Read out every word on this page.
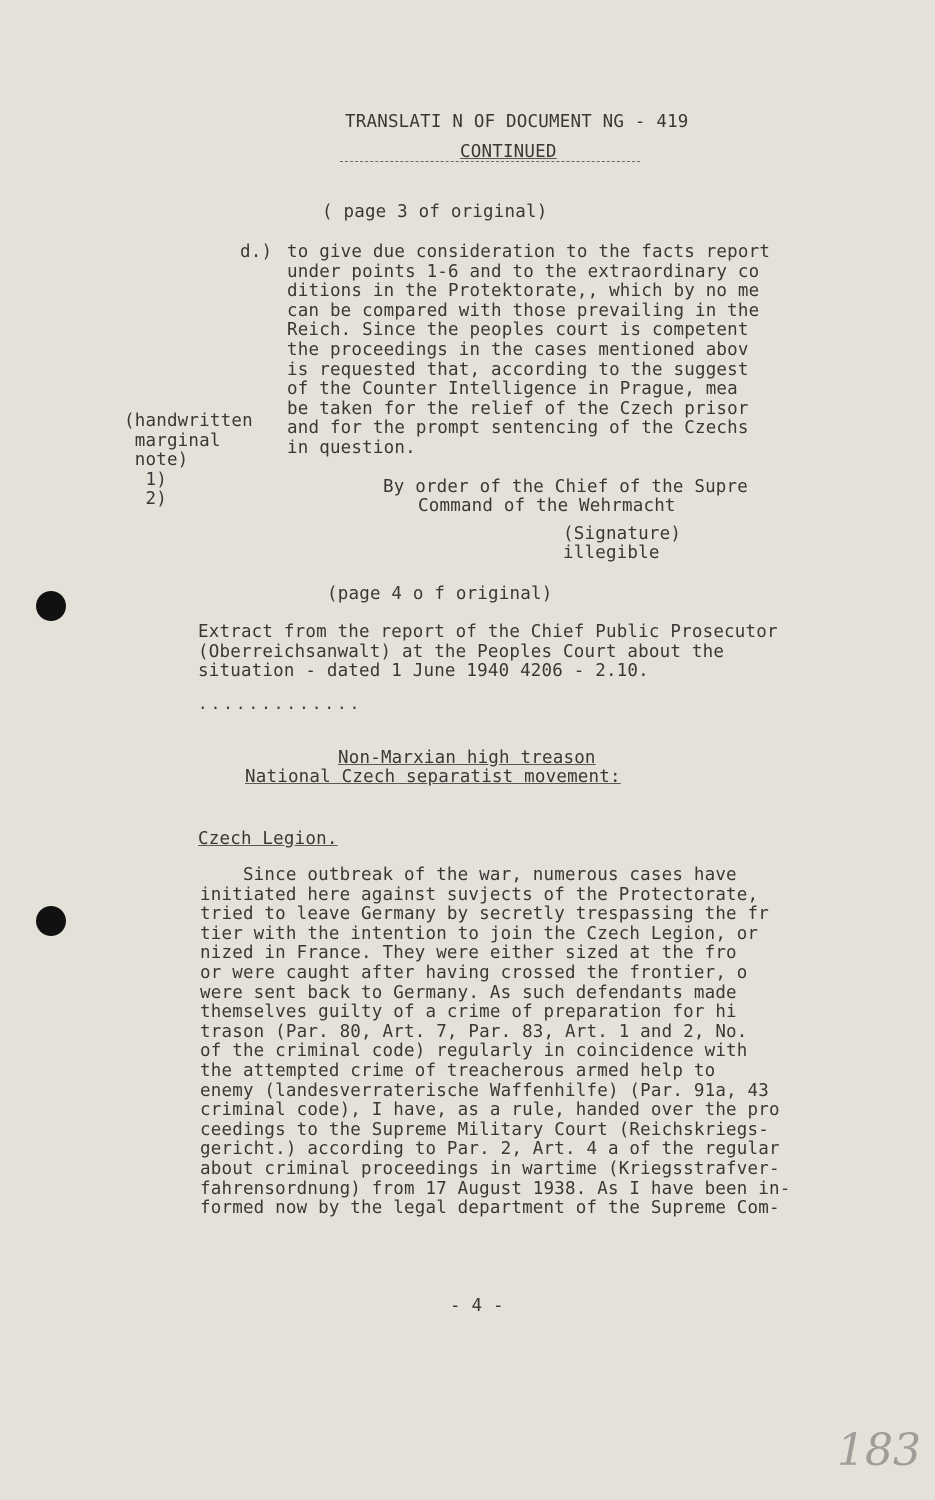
TRANSLATI N OF DOCUMENT NG - 419
CONTINUED
( page 3 of original)
d.) to give due consideration to the facts report
under points 1-6 and to the extraordinary co
ditions in the Protektorate,, which by no me
can be compared with those prevailing in the
Reich. Since the peoples court is competent
the proceedings in the cases mentioned abov
is requested that, according to the suggest
of the Counter Intelligence in Prague, mea
be taken for the relief of the Czech prisor
and for the prompt sentencing of the Czechs
in question.
(handwritten
marginal
note)
1)
2)
By order of the Chief of the Supre
Command of the Wehrmacht
(Signature)
illegible
(page 4 o f original)
Extract from the report of the Chief Public Prosecutor
(Oberreichsanwalt) at the Peoples Court about the
situation - dated 1 June 1940 4206 - 2.10.
.............
Non-Marxian high treason
National Czech separatist movement:
Czech Legion.
Since outbreak of the war, numerous cases have
initiated here against suvjects of the Protectorate,
tried to leave Germany by secretly trespassing the fr
tier with the intention to join the Czech Legion, or
nized in France. They were either sized at the fro
or were caught after having crossed the frontier, o
were sent back to Germany. As such defendants made
themselves guilty of a crime of preparation for hi
trason (Par. 80, Art. 7, Par. 83, Art. 1 and 2, No.
of the criminal code) regularly in coincidence with
the attempted crime of treacherous armed help to
enemy (landesverraterische Waffenhilfe) (Par. 91a, 43
criminal code), I have, as a rule, handed over the pro
ceedings to the Supreme Military Court (Reichskriegs-
gericht.) according to Par. 2, Art. 4 a of the regular
about criminal proceedings in wartime (Kriegsstrafver-
fahrensordnung) from 17 August 1938. As I have been in-
formed now by the legal department of the Supreme Com-
- 4 -
183
